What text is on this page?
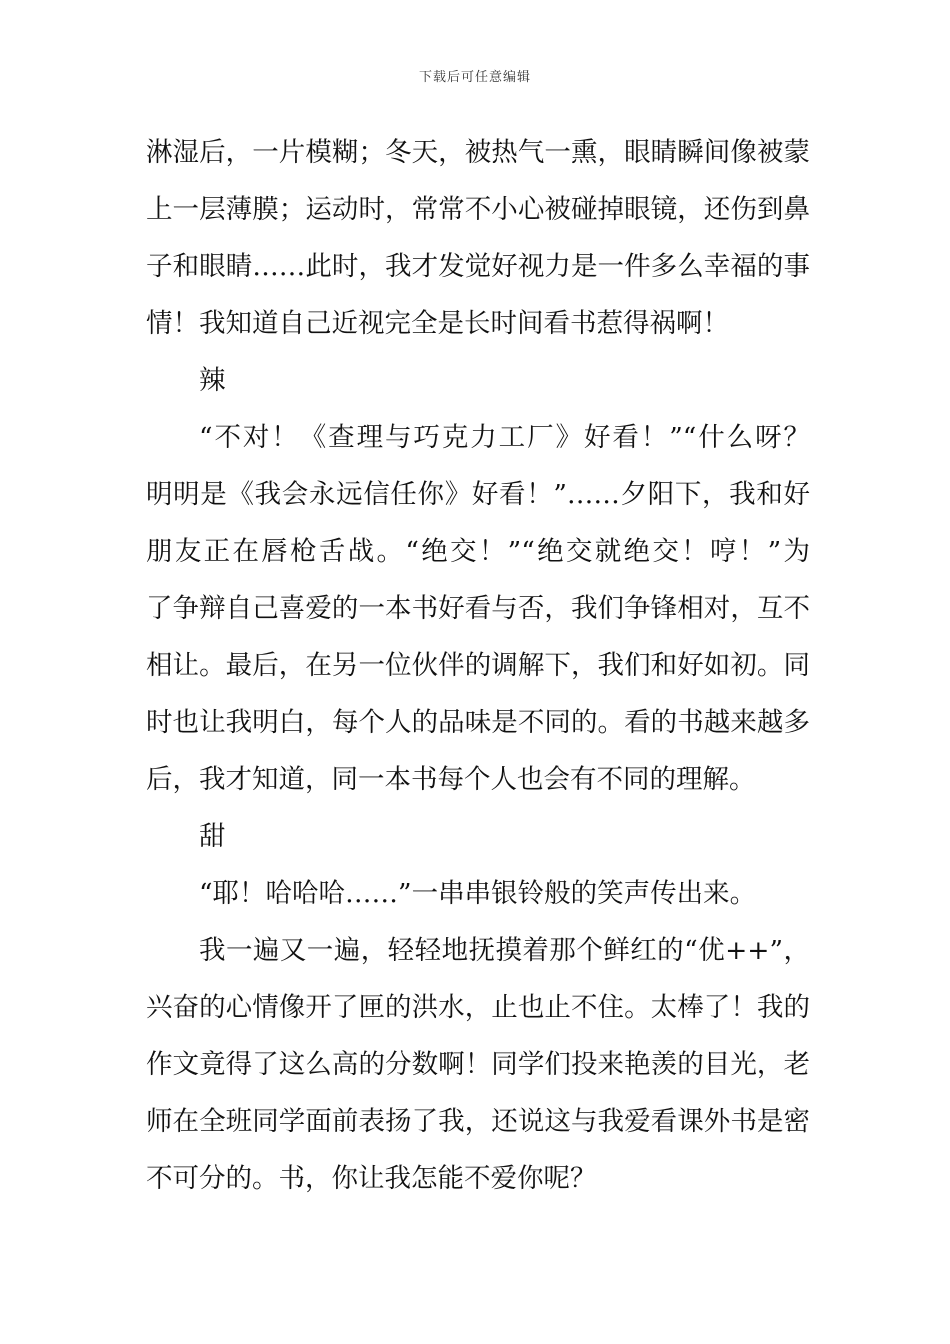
下载后可任意编辑
淋湿后，一片模糊；冬天，被热气一熏，眼睛瞬间像被蒙
上一层薄膜；运动时，常常不小心被碰掉眼镜，还伤到鼻
子和眼睛……此时，我才发觉好视力是一件多么幸福的事
情！我知道自己近视完全是长时间看书惹得祸啊！
辣
“不对！《查理与巧克力工厂》好看！”“什么呀？
明明是《我会永远信任你》好看！”……夕阳下，我和好
朋友正在唇枪舌战。“绝交！”“绝交就绝交！哼！”为
了争辩自己喜爱的一本书好看与否，我们争锋相对，互不
相让。最后，在另一位伙伴的调解下，我们和好如初。同
时也让我明白，每个人的品味是不同的。看的书越来越多
后，我才知道，同一本书每个人也会有不同的理解。
甜
“耶！哈哈哈……”一串串银铃般的笑声传出来。
我一遍又一遍，轻轻地抚摸着那个鲜红的“优++”，
兴奋的心情像开了匣的洪水，止也止不住。太棒了！我的
作文竟得了这么高的分数啊！同学们投来艳羡的目光，老
师在全班同学面前表扬了我，还说这与我爱看课外书是密
不可分的。书，你让我怎能不爱你呢？
